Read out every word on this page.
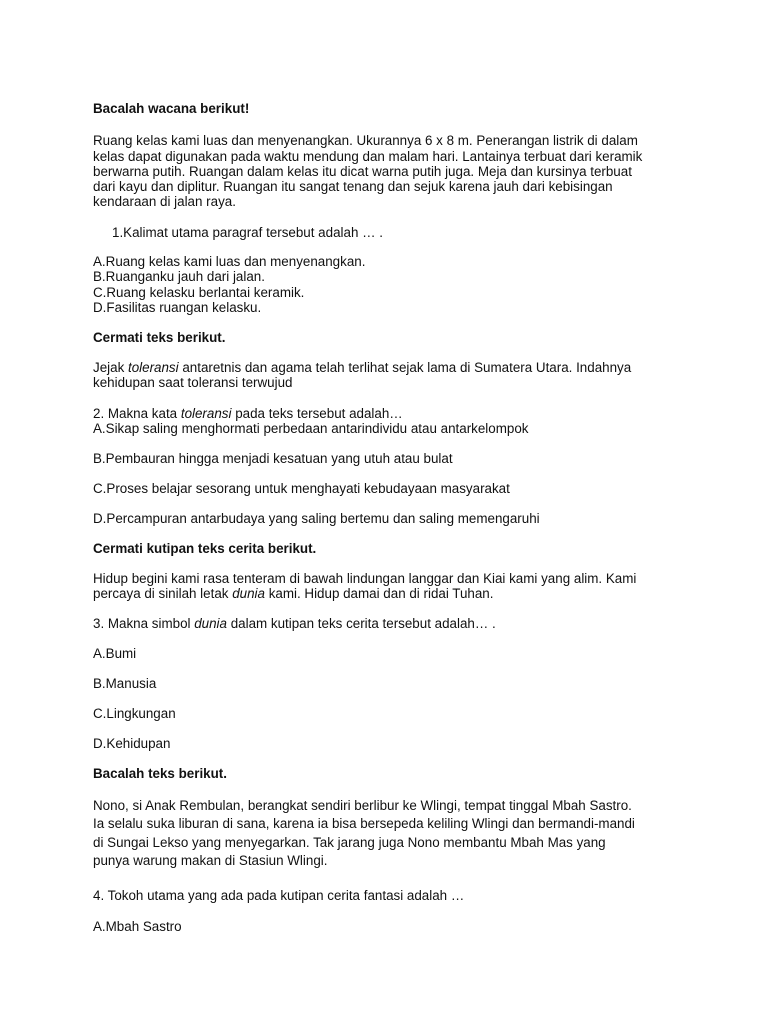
Bacalah wacana berikut!

Ruang kelas kami luas dan menyenangkan. Ukurannya 6 x 8 m. Penerangan listrik di dalam

kelas dapat digunakan pada waktu mendung dan malam hari. Lantainya terbuat dari keramik

berwarna putih. Ruangan dalam kelas itu dicat warna putih juga. Meja dan kursinya terbuat

dari kayu dan diplitur. Ruangan itu sangat tenang dan sejuk karena jauh dari kebisingan

kendaraan di jalan raya.

1.Kalimat utama paragraf tersebut adalah … .

A.Ruang kelas kami luas dan menyenangkan.

B.Ruanganku jauh dari jalan.

C.Ruang kelasku berlantai keramik.

D.Fasilitas ruangan kelasku.

Cermati teks berikut.

Jejak toleransi antaretnis dan agama telah terlihat sejak lama di Sumatera Utara. Indahnya

kehidupan saat toleransi terwujud

2. Makna kata toleransi pada teks tersebut adalah…

A.Sikap saling menghormati perbedaan antarindividu atau antarkelompok

B.Pembauran hingga menjadi kesatuan yang utuh atau bulat

C.Proses belajar sesorang untuk menghayati kebudayaan masyarakat

D.Percampuran antarbudaya yang saling bertemu dan saling memengaruhi

Cermati kutipan teks cerita berikut.

Hidup begini kami rasa tenteram di bawah lindungan langgar dan Kiai kami yang alim. Kami

percaya di sinilah letak dunia kami. Hidup damai dan di ridai Tuhan.

3. Makna simbol dunia dalam kutipan teks cerita tersebut adalah… .

A.Bumi

B.Manusia

C.Lingkungan

D.Kehidupan

Bacalah teks berikut.

Nono, si Anak Rembulan, berangkat sendiri berlibur ke Wlingi, tempat tinggal Mbah Sastro.

Ia selalu suka liburan di sana, karena ia bisa bersepeda keliling Wlingi dan bermandi-mandi

di Sungai Lekso yang menyegarkan. Tak jarang juga Nono membantu Mbah Mas yang

punya warung makan di Stasiun Wlingi.

4. Tokoh utama yang ada pada kutipan cerita fantasi adalah …

A.Mbah Sastro
